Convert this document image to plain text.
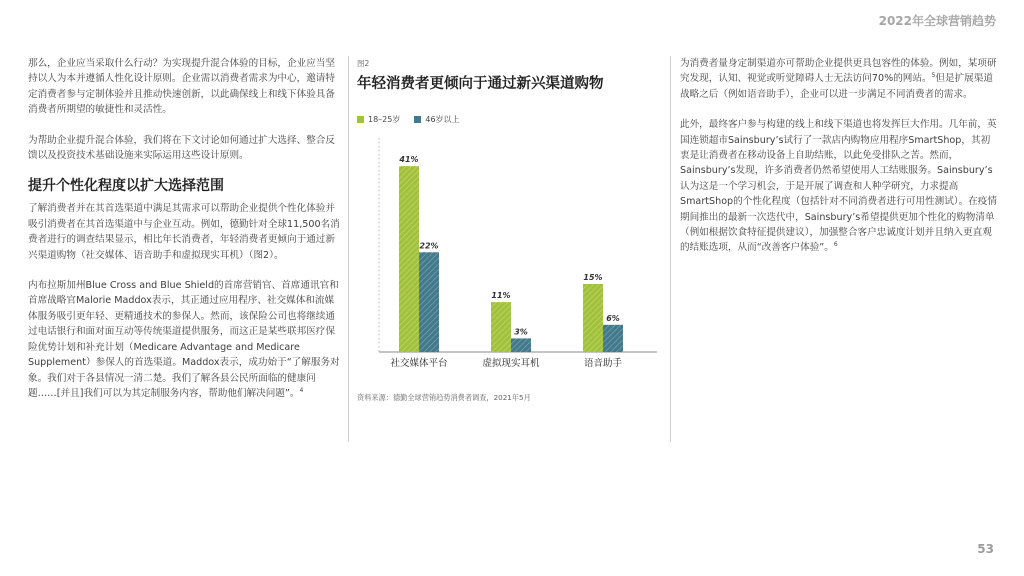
2022年全球营销趋势

那么，企业应当采取什么行动？为实现提升混合体验的目标，企业应当坚持以人为本并遵循人性化设计原则。企业需以消费者需求为中心，邀请特定消费者参与定制体验并且推动快速创新，以此确保线上和线下体验具备消费者所期望的敏捷性和灵活性。

为帮助企业提升混合体验，我们将在下文讨论如何通过扩大选择、整合反馈以及投资技术基础设施来实际运用这些设计原则。

提升个性化程度以扩大选择范围

了解消费者并在其首选渠道中满足其需求可以帮助企业提供个性化体验并吸引消费者在其首选渠道中与企业互动。例如，德勤针对全球11,500名消费者进行的调查结果显示，相比年长消费者，年轻消费者更倾向于通过新兴渠道购物（社交媒体、语音助手和虚拟现实耳机）（图2）。

内布拉斯加州Blue Cross and Blue Shield的首席营销官、首席通讯官和首席战略官Malorie Maddox表示，其正通过应用程序、社交媒体和流媒体服务吸引更年轻、更精通技术的参保人。然而，该保险公司也将继续通过电话银行和面对面互动等传统渠道提供服务，而这正是某些联邦医疗保险优势计划和补充计划（Medicare Advantage and Medicare Supplement）参保人的首选渠道。Maddox表示，成功始于“了解服务对象。我们对于各县情况一清二楚。我们了解各县公民所面临的健康问题……[并且]我们可以为其定制服务内容，帮助他们解决问题”。$^4$

图2
年轻消费者更倾向于通过新兴渠道购物
18–25岁	46岁以上
41%
22%
社交媒体平台
11%
3%
虚拟现实耳机
15%
6%
语音助手
资料来源：德勤全球营销趋势消费者调查，2021年5月

为消费者量身定制渠道亦可帮助企业提供更具包容性的体验。例如，某项研究发现，认知、视觉或听觉障碍人士无法访问70%的网站。$^5$但是扩展渠道战略之后（例如语音助手），企业可以进一步满足不同消费者的需求。

此外，最终客户参与构建的线上和线下渠道也将发挥巨大作用。几年前，英国连锁超市Sainsbury’s试行了一款店内购物应用程序SmartShop，其初衷是让消费者在移动设备上自助结账，以此免受排队之苦。然而，Sainsbury’s发现，许多消费者仍然希望使用人工结账服务。Sainsbury’s认为这是一个学习机会，于是开展了调查和人种学研究，力求提高SmartShop的个性化程度（包括针对不同消费者进行可用性测试）。在疫情期间推出的最新一次迭代中，Sainsbury’s希望提供更加个性化的购物清单（例如根据饮食特征提供建议），加强整合客户忠诚度计划并且纳入更直观的结账选项，从而“改善客户体验”。$^6$

53
